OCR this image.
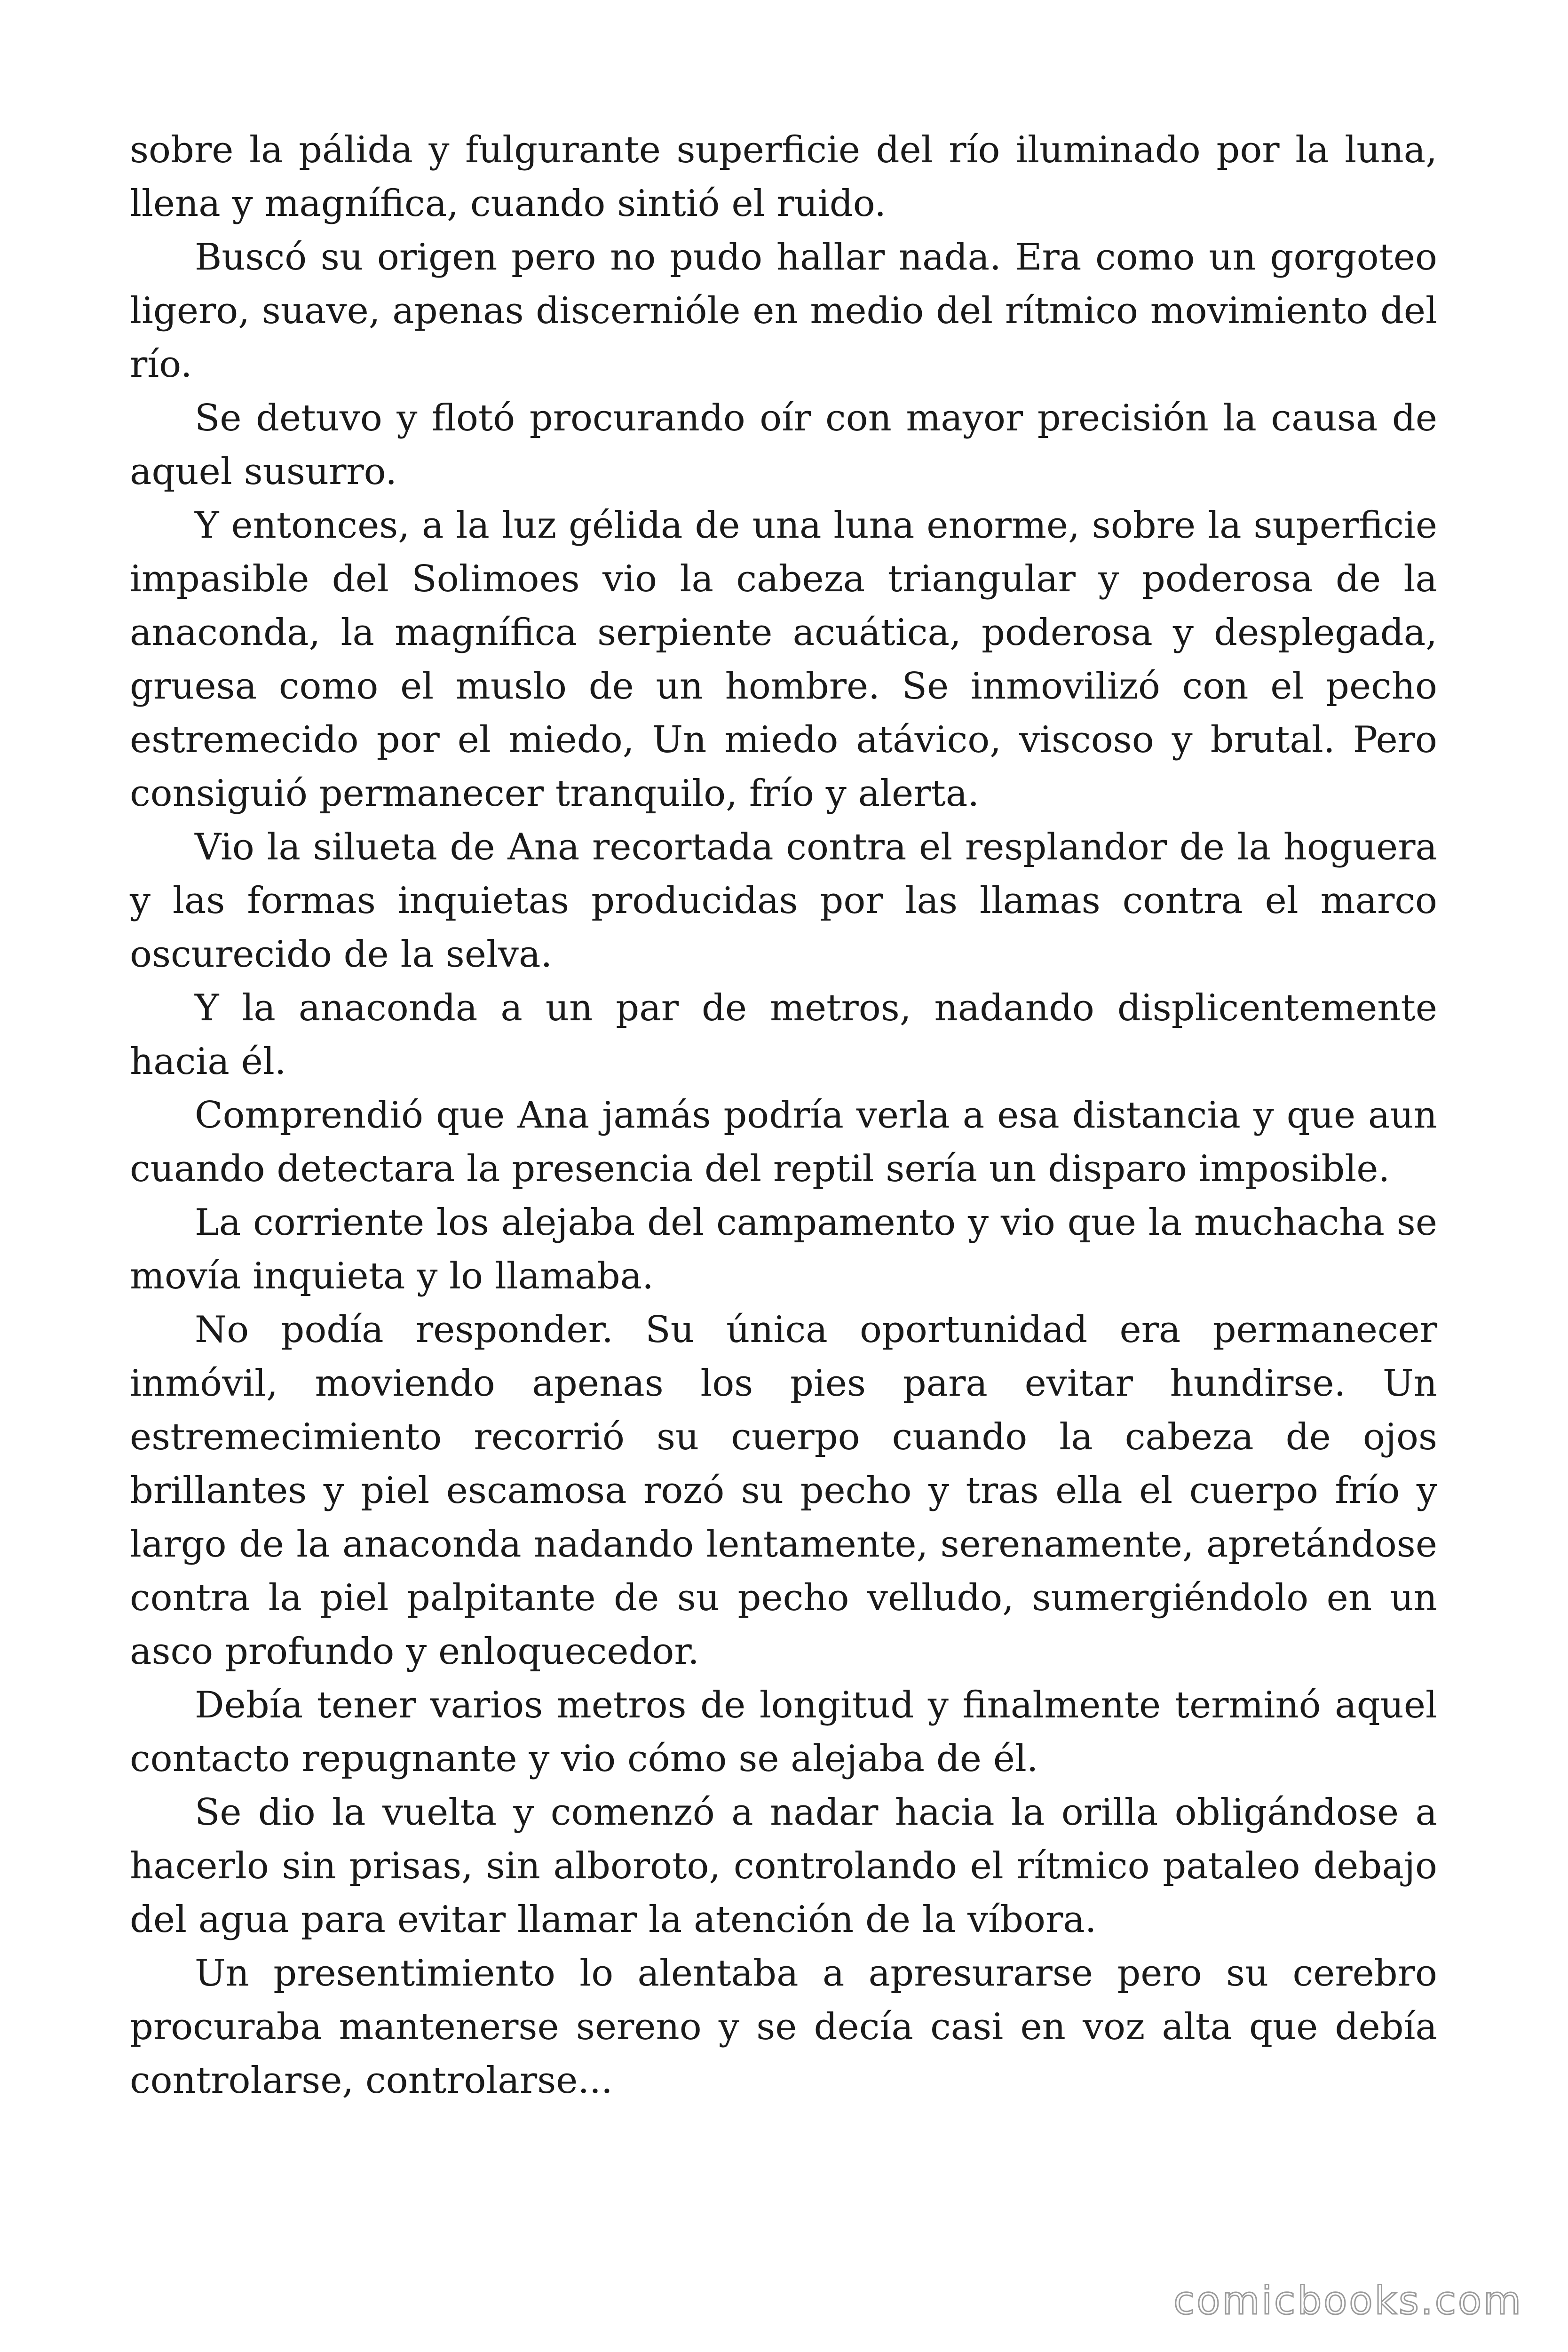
sobre la pálida y fulgurante superficie del río iluminado por la luna, llena y magnífica, cuando sintió el ruido.

Buscó su origen pero no pudo hallar nada. Era como un gorgoteo ligero, suave, apenas discernióle en medio del rítmico movimiento del río.

Se detuvo y flotó procurando oír con mayor precisión la causa de aquel susurro.

Y entonces, a la luz gélida de una luna enorme, sobre la superficie impasible del Solimoes vio la cabeza triangular y poderosa de la anaconda, la magnífica serpiente acuática, poderosa y desplegada, gruesa como el muslo de un hombre. Se inmovilizó con el pecho estremecido por el miedo, Un miedo atávico, viscoso y brutal. Pero consiguió permanecer tranquilo, frío y alerta.

Vio la silueta de Ana recortada contra el resplandor de la hoguera y las formas inquietas producidas por las llamas contra el marco oscurecido de la selva.

Y la anaconda a un par de metros, nadando displicentemente hacia él.

Comprendió que Ana jamás podría verla a esa distancia y que aun cuando detectara la presencia del reptil sería un disparo imposible.

La corriente los alejaba del campamento y vio que la muchacha se movía inquieta y lo llamaba.

No podía responder. Su única oportunidad era permanecer inmóvil, moviendo apenas los pies para evitar hundirse. Un estremecimiento recorrió su cuerpo cuando la cabeza de ojos brillantes y piel escamosa rozó su pecho y tras ella el cuerpo frío y largo de la anaconda nadando lentamente, serenamente, apretándose contra la piel palpitante de su pecho velludo, sumergiéndolo en un asco profundo y enloquecedor.

Debía tener varios metros de longitud y finalmente terminó aquel contacto repugnante y vio cómo se alejaba de él.

Se dio la vuelta y comenzó a nadar hacia la orilla obligándose a hacerlo sin prisas, sin alboroto, controlando el rítmico pataleo debajo del agua para evitar llamar la atención de la víbora.

Un presentimiento lo alentaba a apresurarse pero su cerebro procuraba mantenerse sereno y se decía casi en voz alta que debía controlarse, controlarse...

comicbooks.com
